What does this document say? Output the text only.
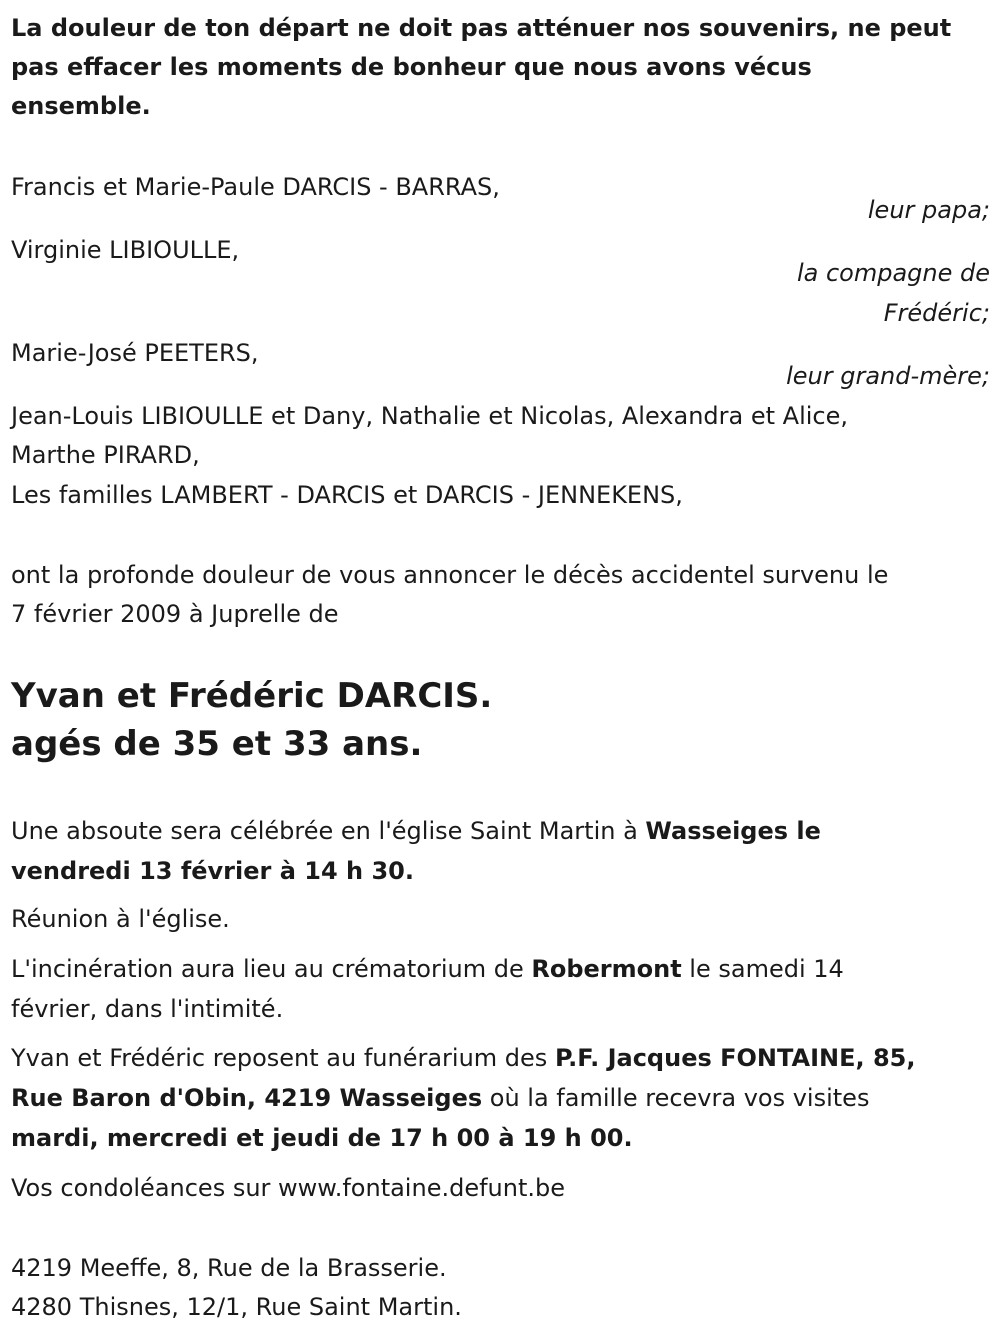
La douleur de ton départ ne doit pas atténuer nos souvenirs, ne peut
pas effacer les moments de bonheur que nous avons vécus
ensemble.
Francis et Marie-Paule DARCIS - BARRAS,
leur papa;
Virginie LIBIOULLE,
la compagne de
Frédéric;
Marie-José PEETERS,
leur grand-mère;
Jean-Louis LIBIOULLE et Dany, Nathalie et Nicolas, Alexandra et Alice,
Marthe PIRARD,
Les familles LAMBERT - DARCIS et DARCIS - JENNEKENS,
ont la profonde douleur de vous annoncer le décès accidentel survenu le
7 février 2009 à Juprelle de
Yvan et Frédéric DARCIS.
agés de 35 et 33 ans.
Une absoute sera célébrée en l'église Saint Martin à Wasseiges le
vendredi 13 février à 14 h 30.
Réunion à l'église.
L'incinération aura lieu au crématorium de Robermont le samedi 14
février, dans l'intimité.
Yvan et Frédéric reposent au funérarium des P.F. Jacques FONTAINE, 85,
Rue Baron d'Obin, 4219 Wasseiges où la famille recevra vos visites
mardi, mercredi et jeudi de 17 h 00 à 19 h 00.
Vos condoléances sur www.fontaine.defunt.be
4219 Meeffe, 8, Rue de la Brasserie.
4280 Thisnes, 12/1, Rue Saint Martin.
